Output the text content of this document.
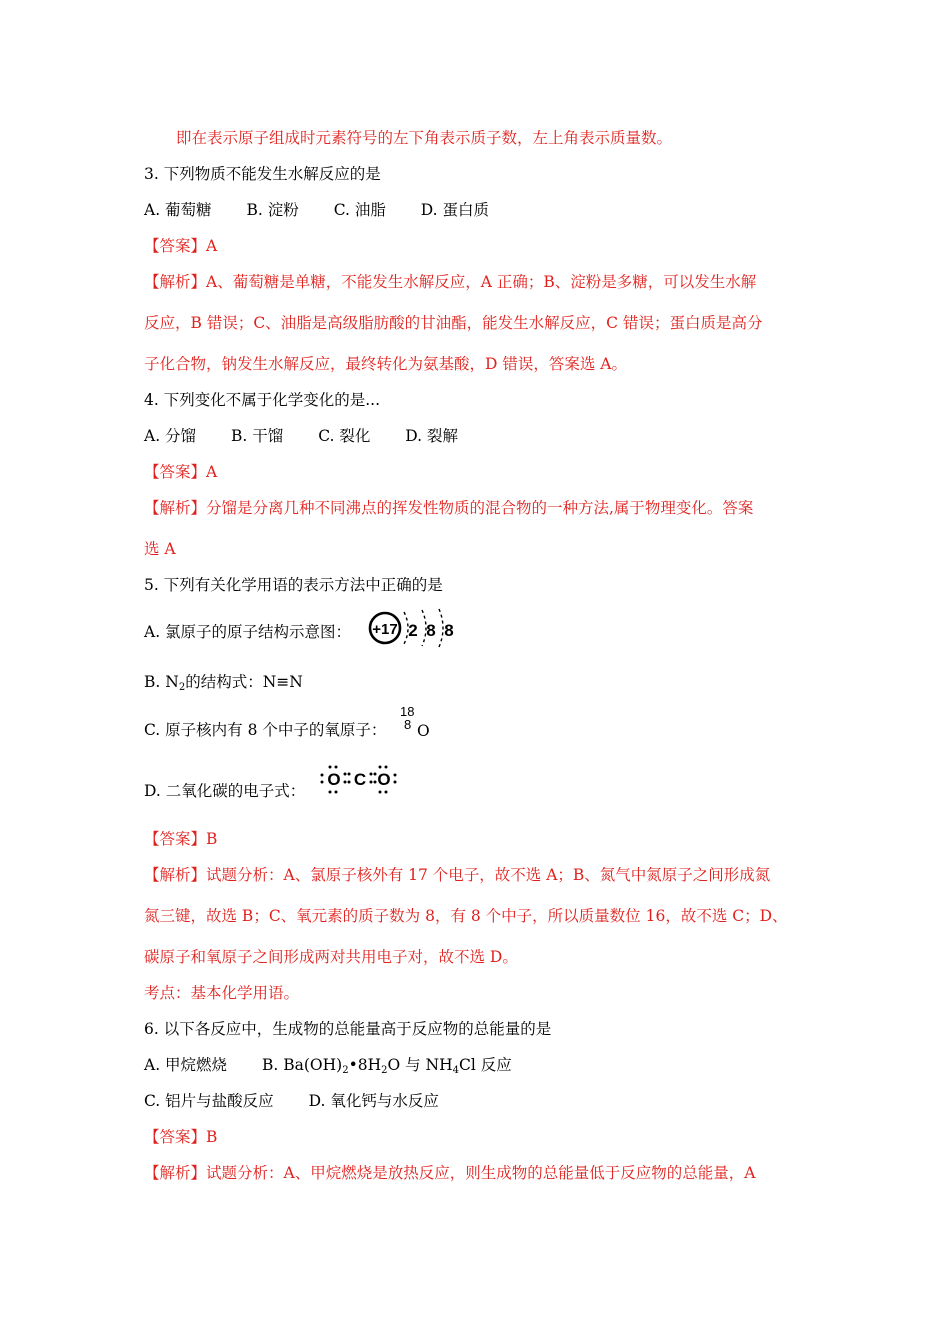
即在表示原子组成时元素符号的左下角表示质子数，左上角表示质量数。
3. 下列物质不能发生水解反应的是
A. 葡萄糖 B. 淀粉 C. 油脂 D. 蛋白质
【答案】A
【解析】A、葡萄糖是单糖，不能发生水解反应，A 正确；B、淀粉是多糖，可以发生水解
反应，B 错误；C、油脂是高级脂肪酸的甘油酯，能发生水解反应，C 错误；蛋白质是高分
子化合物，钠发生水解反应，最终转化为氨基酸，D 错误，答案选 A。
4. 下列变化不属于化学变化的是...
A. 分馏 B. 干馏 C. 裂化 D. 裂解
【答案】A
【解析】分馏是分离几种不同沸点的挥发性物质的混合物的一种方法,属于物理变化。答案
选 A
5. 下列有关化学用语的表示方法中正确的是
A. 氯原子的原子结构示意图： +17 2 8 8
B. $N_2$的结构式：N≡N
C. 原子核内有 8 个中子的氧原子：
18
8 O
D. 二氧化碳的电子式：
O C O
【答案】B
【解析】试题分析：A、氯原子核外有 17 个电子，故不选 A；B、氮气中氮原子之间形成氮
氮三键，故选 B；C、氧元素的质子数为 8，有 8 个中子，所以质量数位 16，故不选 C；D、
碳原子和氧原子之间形成两对共用电子对，故不选 D。
考点：基本化学用语。
6. 以下各反应中，生成物的总能量高于反应物的总能量的是
A. 甲烷燃烧 B. $Ba(OH)_2•8H_2O$ 与 $NH_4Cl$ 反应
C. 铝片与盐酸反应 D. 氧化钙与水反应
【答案】B
【解析】试题分析：A、甲烷燃烧是放热反应，则生成物的总能量低于反应物的总能量，A
